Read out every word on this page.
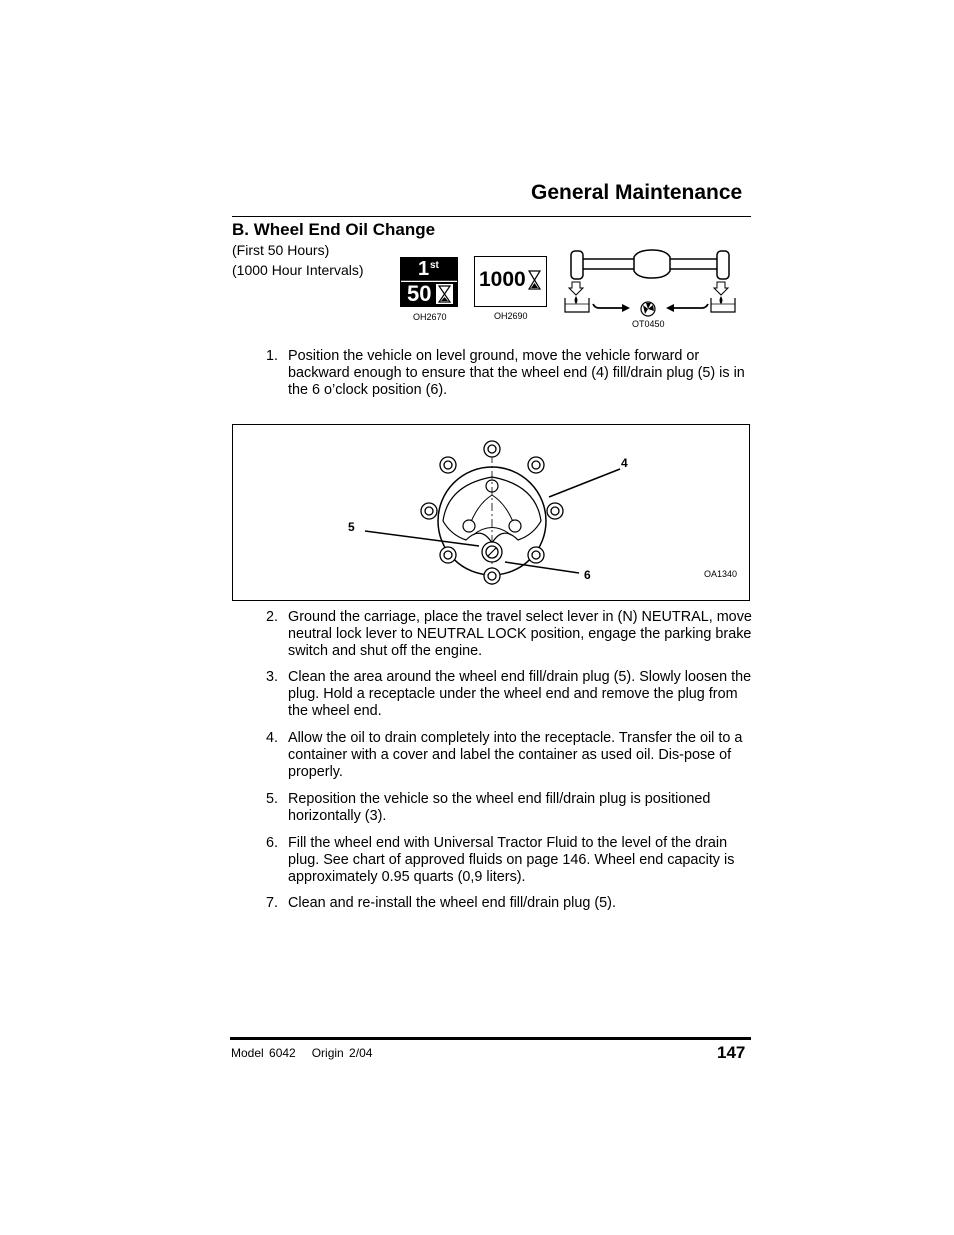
General Maintenance
B. Wheel End Oil Change
(First 50 Hours)
(1000 Hour Intervals)	1 st
50
OH2670
1000
OH2690
OT0450
1. Position the vehicle on level ground, move the vehicle forward or backward enough to ensure that the wheel end (4) fill/drain plug (5) is in the 6 o’clock position (6).
4
5
6	OA1340
2. Ground the carriage, place the travel select lever in (N) NEUTRAL, move neutral lock lever to NEUTRAL LOCK position, engage the parking brake switch and shut off the engine.
3. Clean the area around the wheel end fill/drain plug (5). Slowly loosen the plug. Hold a receptacle under the wheel end and remove the plug from the wheel end.
4. Allow the oil to drain completely into the receptacle. Transfer the oil to a container with a cover and label the container as used oil. Dis-pose of properly.
5. Reposition the vehicle so the wheel end fill/drain plug is positioned horizontally (3).
6. Fill the wheel end with Universal Tractor Fluid to the level of the drain plug. See chart of approved fluids on page 146. Wheel end capacity is approximately 0.95 quarts (0,9 liters).
7. Clean and re-install the wheel end fill/drain plug (5).
Model 6042   Origin 2/04	147
